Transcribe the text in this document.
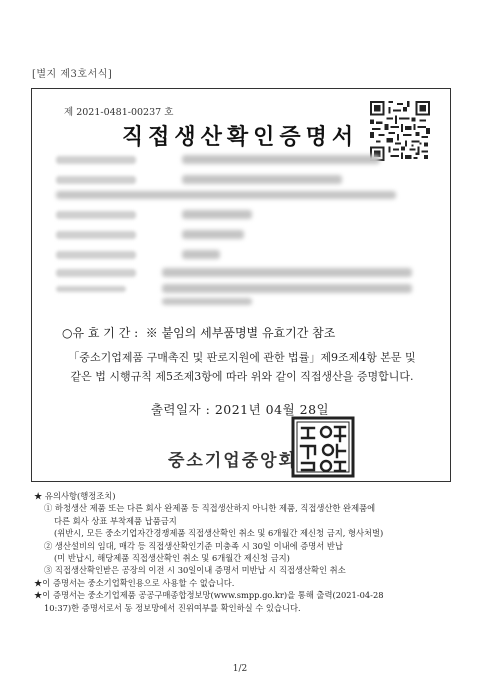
[별지 제3호서식]
제 2021-0481-00237 호
직접생산확인증명서
○유 효 기 간 :  ※ 붙임의 세부품명별 유효기간 참조
「중소기업제품 구매촉진 및 판로지원에 관한 법률」제9조제4항 본문 및
같은 법 시행규칙 제5조제3항에 따라 위와 같이 직접생산을 증명합니다.
출력일자 : 2021년 04월 28일
중소기업중앙회
★ 유의사항(행정조치)
① 하청생산 제품 또는 다른 회사 완제품 등 직접생산하지 아니한 제품, 직접생산한 완제품에
다른 회사 상표 부착제품 납품금지
(위반시, 모든 중소기업자간경쟁제품 직접생산확인 취소 및 6개월간 제신청 금지, 형사처벌)
② 생산설비의 임대, 매각 등 직접생산확인기준 미충족 시 30일 이내에 증명서 반납
(미 반납시, 해당제품 직접생산확인 취소 및 6개월간 제신청 금지)
③ 직접생산확인받은 공장의 이전 시 30일이내 증명서 미반납 시 직접생산확인 취소
★이 증명서는 중소기업확인용으로 사용할 수 없습니다.
★이 증명서는 중소기업제품 공공구매종합정보망(www.smpp.go.kr)을 통해 출력(2021-04-28
10:37)한 증명서로서 동 정보망에서 진위여부를 확인하실 수 있습니다.
1/2
